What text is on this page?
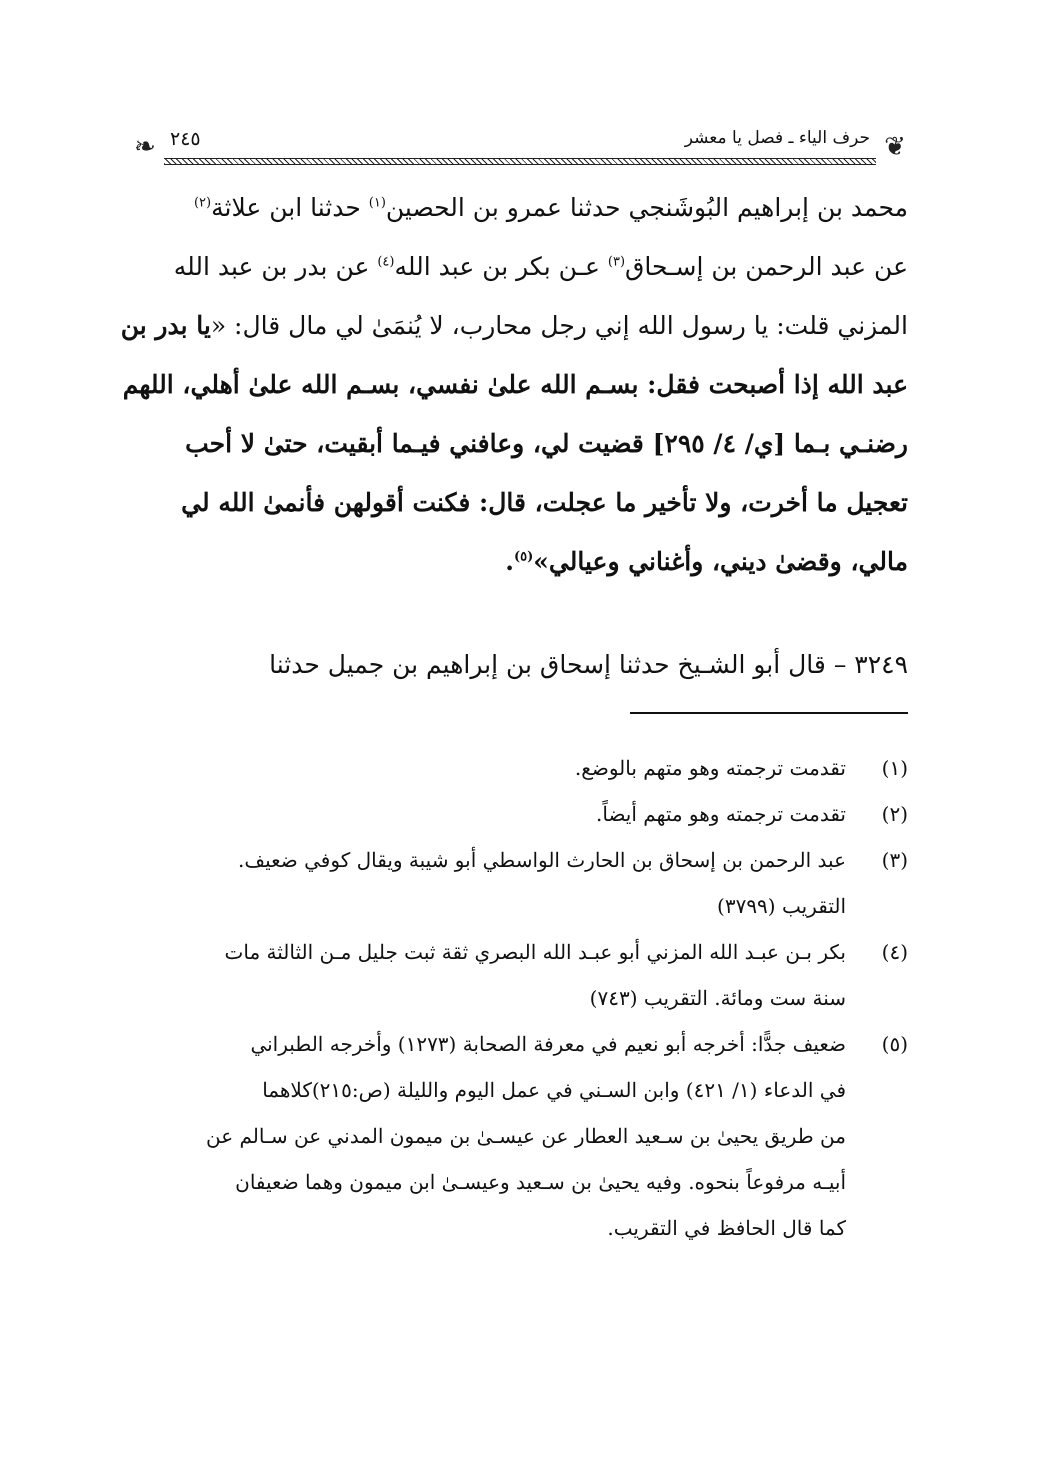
❦
❧	حرف الياء ـ فصل يا معشر
٢٤٥
محمد بن إبراهيم البُوشَنجي حدثنا عمرو بن الحصين$^{(١)}$ حدثنا ابن علاثة$^{(٢)}$
عن عبد الرحمن بن إسـحاق$^{(٣)}$ عـن بكر بن عبد الله$^{(٤)}$ عن بدر بن عبد الله
المزني قلت: يا رسول الله إني رجل محارب، لا يُنمَىٰ لي مال قال: «يا بدر بن
عبد الله إذا أصبحت فقل: بسـم الله علىٰ نفسي، بسـم الله علىٰ أهلي، اللهم
رضنـي بـما [ي/ ٤/ ٢٩٥] قضيت لي، وعافني فيـما أبقيت، حتىٰ لا أحب
تعجيل ما أخرت، ولا تأخير ما عجلت، قال: فكنت أقولهن فأنمىٰ الله لي
مالي، وقضىٰ ديني، وأغناني وعيالي»$^{(٥)}$.
٣٢٤٩ – قال أبو الشـيخ حدثنا إسحاق بن إبراهيم بن جميل حدثنا
(١)
تقدمت ترجمته وهو متهم بالوضع.
(٢)
تقدمت ترجمته وهو متهم أيضاً.
(٣)
عبد الرحمن بن إسحاق بن الحارث الواسطي أبو شيبة ويقال كوفي ضعيف.
التقريب (٣٧٩٩)
(٤)
بكر بـن عبـد الله المزني أبو عبـد الله البصري ثقة ثبت جليل مـن الثالثة مات
سنة ست ومائة. التقريب (٧٤٣)
(٥)
ضعيف جدًّا: أخرجه أبو نعيم في معرفة الصحابة (١٢٧٣) وأخرجه الطبراني
في الدعاء (١/ ٤٢١) وابن السـني في عمل اليوم والليلة (ص:٢١٥)كلاهما
من طريق يحيىٰ بن سـعيد العطار عن عيسـىٰ بن ميمون المدني عن سـالم عن
أبيـه مرفوعاً بنحوه. وفيه يحيىٰ بن سـعيد وعيسـىٰ ابن ميمون وهما ضعيفان
كما قال الحافظ في التقريب.
